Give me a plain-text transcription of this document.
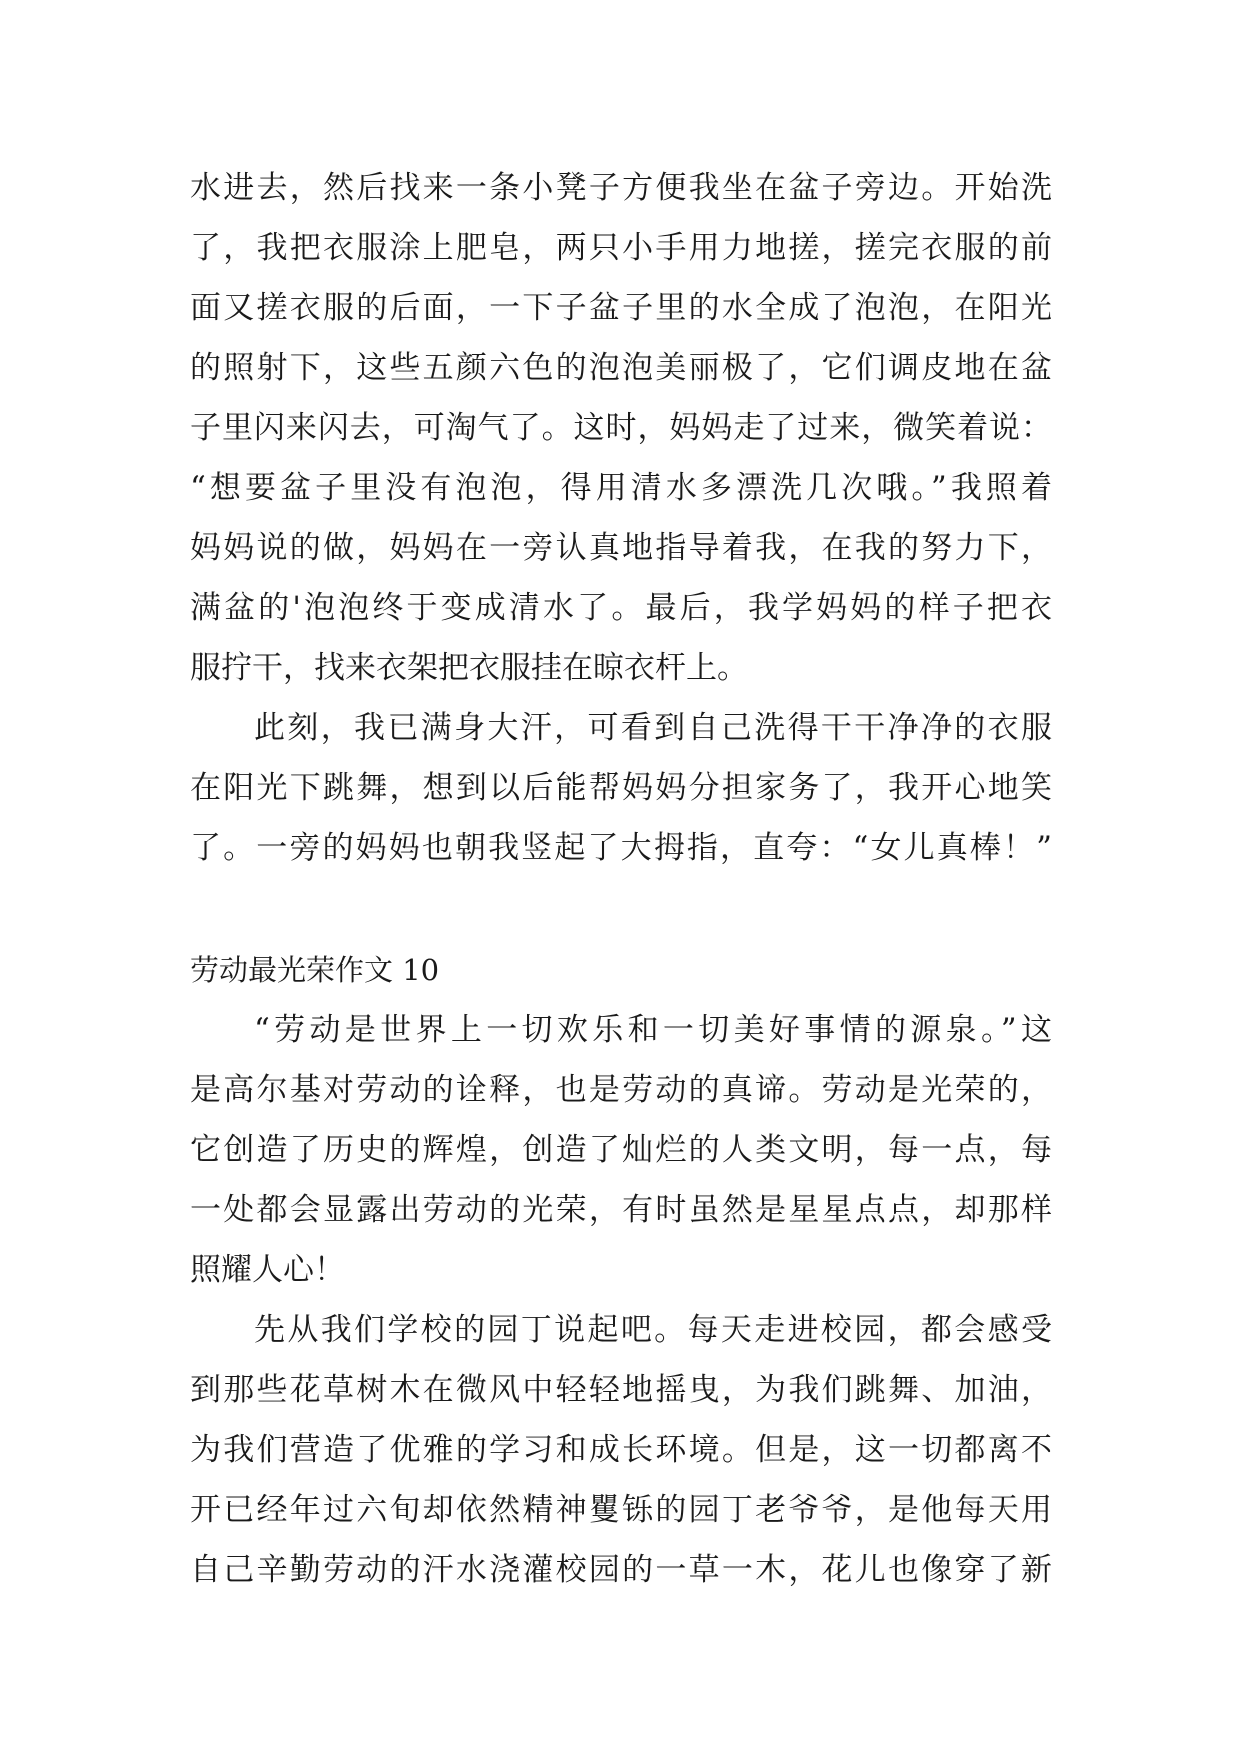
水进去，然后找来一条小凳子方便我坐在盆子旁边。开始洗
了，我把衣服涂上肥皂，两只小手用力地搓，搓完衣服的前
面又搓衣服的后面，一下子盆子里的水全成了泡泡，在阳光
的照射下，这些五颜六色的泡泡美丽极了，它们调皮地在盆
子里闪来闪去，可淘气了。这时，妈妈走了过来，微笑着说：
“想要盆子里没有泡泡，得用清水多漂洗几次哦。”我照着
妈妈说的做，妈妈在一旁认真地指导着我，在我的努力下，
满盆的'泡泡终于变成清水了。最后，我学妈妈的样子把衣
服拧干，找来衣架把衣服挂在晾衣杆上。
此刻，我已满身大汗，可看到自己洗得干干净净的衣服
在阳光下跳舞，想到以后能帮妈妈分担家务了，我开心地笑
了。一旁的妈妈也朝我竖起了大拇指，直夸：“女儿真棒！”
劳动最光荣作文 10
“劳动是世界上一切欢乐和一切美好事情的源泉。”这
是高尔基对劳动的诠释，也是劳动的真谛。劳动是光荣的，
它创造了历史的辉煌，创造了灿烂的人类文明，每一点，每
一处都会显露出劳动的光荣，有时虽然是星星点点，却那样
照耀人心！
先从我们学校的园丁说起吧。每天走进校园，都会感受
到那些花草树木在微风中轻轻地摇曳，为我们跳舞、加油，
为我们营造了优雅的学习和成长环境。但是，这一切都离不
开已经年过六旬却依然精神矍铄的园丁老爷爷，是他每天用
自己辛勤劳动的汗水浇灌校园的一草一木，花儿也像穿了新
